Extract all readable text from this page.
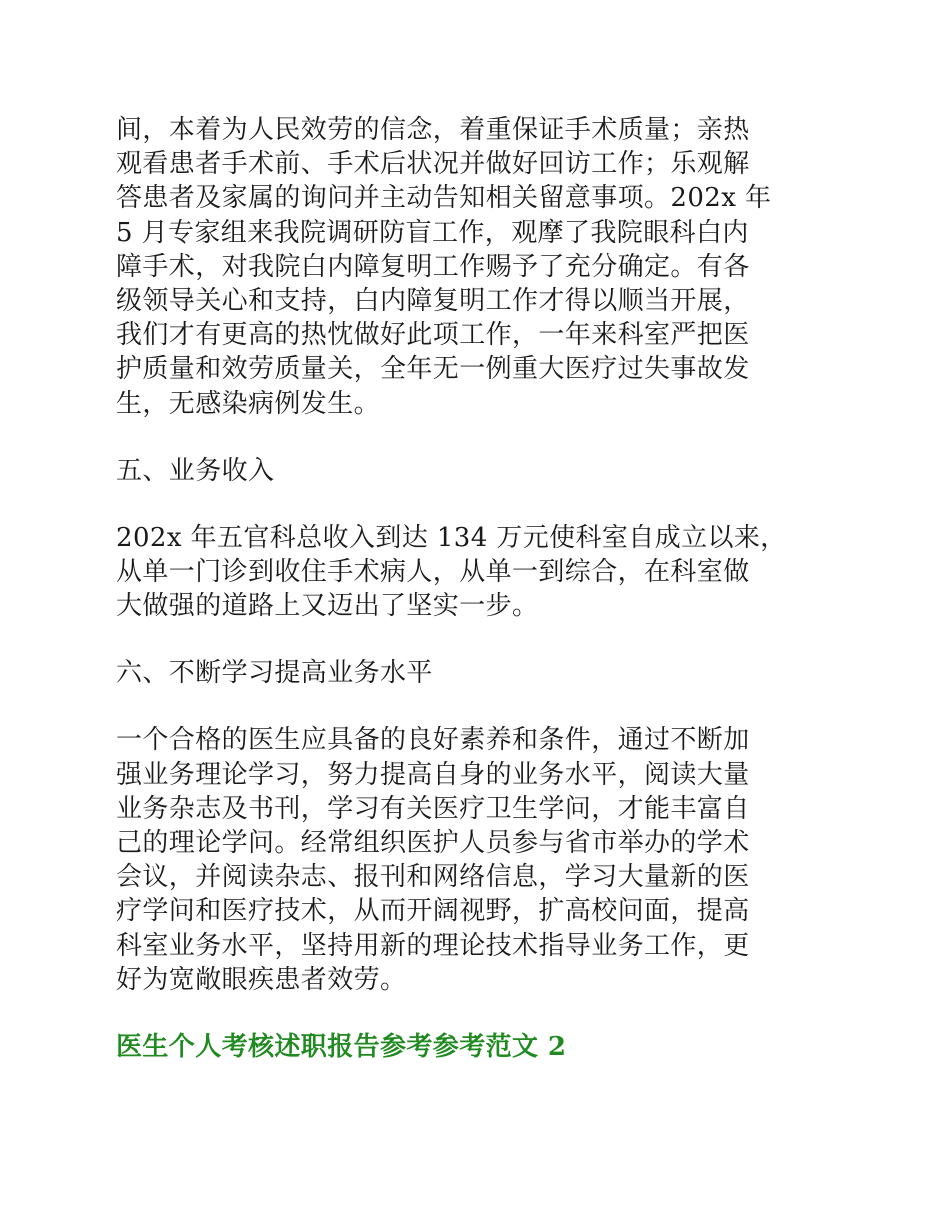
间，本着为人民效劳的信念，着重保证手术质量；亲热
观看患者手术前、手术后状况并做好回访工作；乐观解
答患者及家属的询问并主动告知相关留意事项。202x 年
5 月专家组来我院调研防盲工作，观摩了我院眼科白内
障手术，对我院白内障复明工作赐予了充分确定。有各
级领导关心和支持，白内障复明工作才得以顺当开展，
我们才有更高的热忱做好此项工作，一年来科室严把医
护质量和效劳质量关，全年无一例重大医疗过失事故发
生，无感染病例发生。

五、业务收入

202x 年五官科总收入到达 134 万元使科室自成立以来，
从单一门诊到收住手术病人，从单一到综合，在科室做
大做强的道路上又迈出了坚实一步。

六、不断学习提高业务水平

一个合格的医生应具备的良好素养和条件，通过不断加
强业务理论学习，努力提高自身的业务水平，阅读大量
业务杂志及书刊，学习有关医疗卫生学问，才能丰富自
己的理论学问。经常组织医护人员参与省市举办的学术
会议，并阅读杂志、报刊和网络信息，学习大量新的医
疗学问和医疗技术，从而开阔视野，扩高校问面，提高
科室业务水平，坚持用新的理论技术指导业务工作，更
好为宽敞眼疾患者效劳。

医生个人考核述职报告参考参考范文 2
